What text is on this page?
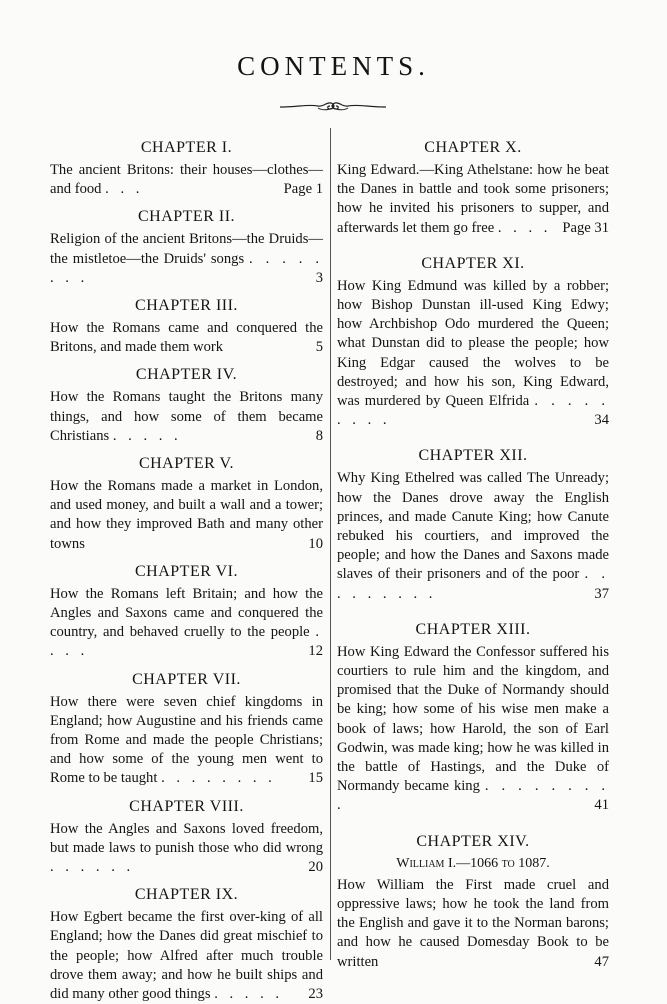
CONTENTS.
CHAPTER I.
The ancient Britons: their houses—clothes—and food . . .	Page 1
CHAPTER II.
Religion of the ancient Britons—the Druids—the mistletoe—the Druids' songs . . . . . . . .	3
CHAPTER III.
How the Romans came and conquered the Britons, and made them work	5
CHAPTER IV.
How the Romans taught the Britons many things, and how some of them became Christians . . . . .	8
CHAPTER V.
How the Romans made a market in London, and used money, and built a wall and a tower; and how they improved Bath and many other towns	10
CHAPTER VI.
How the Romans left Britain; and how the Angles and Saxons came and conquered the country, and behaved cruelly to the people . . . .	12
CHAPTER VII.
How there were seven chief kingdoms in England; how Augustine and his friends came from Rome and made the people Christians; and how some of the young men went to Rome to be taught . . . . . . . . 15
CHAPTER VIII.
How the Angles and Saxons loved freedom, but made laws to punish those who did wrong . . . . . .	20
CHAPTER IX.
How Egbert became the first over-king of all England; how the Danes did great mischief to the people; how Alfred after much trouble drove them away; and how he built ships and did many other good things . . . . . 23
CHAPTER X.
King Edward.—King Athelstane: how he beat the Danes in battle and took some prisoners; how he invited his prisoners to supper, and afterwards let them go free . . . . Page 31
CHAPTER XI.
How King Edmund was killed by a robber; how Bishop Dunstan ill-used King Edwy; how Archbishop Odo murdered the Queen; what Dunstan did to please the people; how King Edgar caused the wolves to be destroyed; and how his son, King Edward, was murdered by Queen Elfrida . . . . . . . . .	34
CHAPTER XII.
Why King Ethelred was called The Unready; how the Danes drove away the English princes, and made Canute King; how Canute rebuked his courtiers, and improved the people; and how the Danes and Saxons made slaves of their prisoners and of the poor . . . . . . . . .	37
CHAPTER XIII.
How King Edward the Confessor suffered his courtiers to rule him and the kingdom, and promised that the Duke of Normandy should be king; how some of his wise men make a book of laws; how Harold, the son of Earl Godwin, was made king; how he was killed in the battle of Hastings, and the Duke of Normandy became king . . . . . . . . .	41
CHAPTER XIV.
William I.—1066 to 1087.
How William the First made cruel and oppressive laws; how he took the land from the English and gave it to the Norman barons; and how he caused Domesday Book to be written	47
